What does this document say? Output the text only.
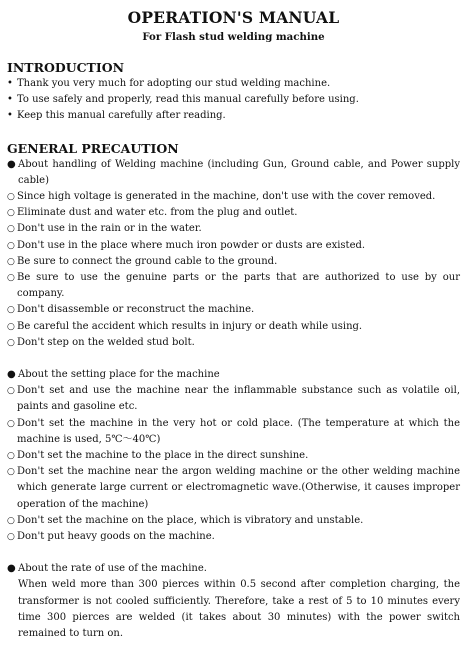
OPERATION'S MANUAL
For Flash stud welding machine
INTRODUCTION
• Thank you very much for adopting our stud welding machine.
• To use safely and properly, read this manual carefully before using.
• Keep this manual carefully after reading.
GENERAL PRECAUTION
● About handling of Welding machine (including Gun, Ground cable, and Power supply cable)
○ Since high voltage is generated in the machine, don't use with the cover removed.
○ Eliminate dust and water etc. from the plug and outlet.
○ Don't use in the rain or in the water.
○ Don't use in the place where much iron powder or dusts are existed.
○ Be sure to connect the ground cable to the ground.
○ Be sure to use the genuine parts or the parts that are authorized to use by our company.
○ Don't disassemble or reconstruct the machine.
○ Be careful the accident which results in injury or death while using.
○ Don't step on the welded stud bolt.
● About the setting place for the machine
○ Don't set and use the machine near the inflammable substance such as volatile oil, paints and gasoline etc.
○ Don't set the machine in the very hot or cold place. (The temperature at which the machine is used, 5℃～40℃)
○ Don't set the machine to the place in the direct sunshine.
○ Don't set the machine near the argon welding machine or the other welding machine which generate large current or electromagnetic wave.(Otherwise, it causes improper operation of the machine)
○ Don't set the machine on the place, which is vibratory and unstable.
○ Don't put heavy goods on the machine.
● About the rate of use of the machine.
When weld more than 300 pierces within 0.5 second after completion charging, the transformer is not cooled sufficiently. Therefore, take a rest of 5 to 10 minutes every time 300 pierces are welded (it takes about 30 minutes) with the power switch remained to turn on.
